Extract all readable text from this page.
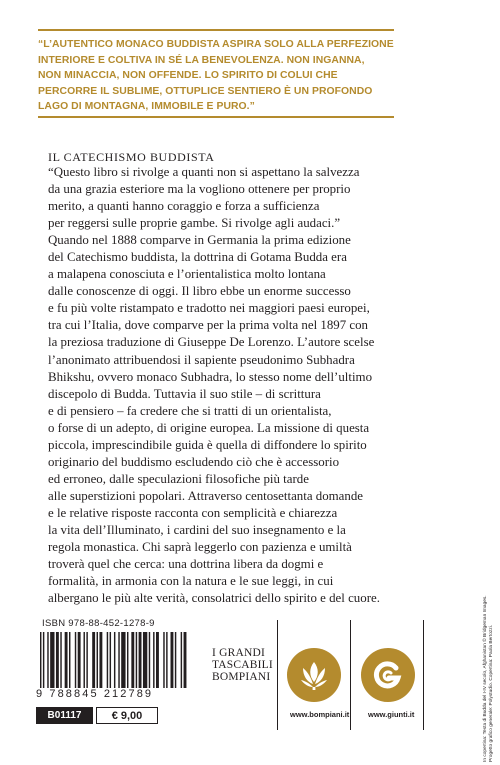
“L’AUTENTICO MONACO BUDDISTA ASPIRA SOLO ALLA PERFEZIONE
INTERIORE E COLTIVA IN SÉ LA BENEVOLENZA. NON INGANNA,
NON MINACCIA, NON OFFENDE. LO SPIRITO DI COLUI CHE
PERCORRE IL SUBLIME, OTTUPLICE SENTIERO È UN PROFONDO
LAGO DI MONTAGNA, IMMOBILE E PURO.”
IL CATECHISMO BUDDISTA
“Questo libro si rivolge a quanti non si aspettano la salvezza
da una grazia esteriore ma la vogliono ottenere per proprio
merito, a quanti hanno coraggio e forza a sufficienza
per reggersi sulle proprie gambe. Si rivolge agli audaci.”
Quando nel 1888 comparve in Germania la prima edizione
del Catechismo buddista, la dottrina di Gotama Budda era
a malapena conosciuta e l’orientalistica molto lontana
dalle conoscenze di oggi. Il libro ebbe un enorme successo
e fu più volte ristampato e tradotto nei maggiori paesi europei,
tra cui l’Italia, dove comparve per la prima volta nel 1897 con
la preziosa traduzione di Giuseppe De Lorenzo. L’autore scelse
l’anonimato attribuendosi il sapiente pseudonimo Subhadra
Bhikshu, ovvero monaco Subhadra, lo stesso nome dell’ultimo
discepolo di Budda. Tuttavia il suo stile – di scrittura
e di pensiero – fa credere che si tratti di un orientalista,
o forse di un adepto, di origine europea. La missione di questa
piccola, imprescindibile guida è quella di diffondere lo spirito
originario del buddismo escludendo ciò che è accessorio
ed erroneo, dalle speculazioni filosofiche più tarde
alle superstizioni popolari. Attraverso centosettanta domande
e le relative risposte racconta con semplicità e chiarezza
la vita dell’Illuminato, i cardini del suo insegnamento e la
regola monastica. Chi saprà leggerlo con pazienza e umiltà
troverà quel che cerca: una dottrina libera da dogmi e
formalità, in armonia con la natura e le sue leggi, in cui
albergano le più alte verità, consolatrici dello spirito e del cuore.	In copertina: Testa di Budda del I-IV secolo, Afghanistan © Bridgeman Images. Progetto grafico generale: Polystudio. Copertina: Paola Bertozzi.
ISBN 978-88-452-1278-9
9 788845 212789
B01117	€ 9,00
I GRANDI
TASCABILI
BOMPIANI
www.bompiani.it www.giunti.it
